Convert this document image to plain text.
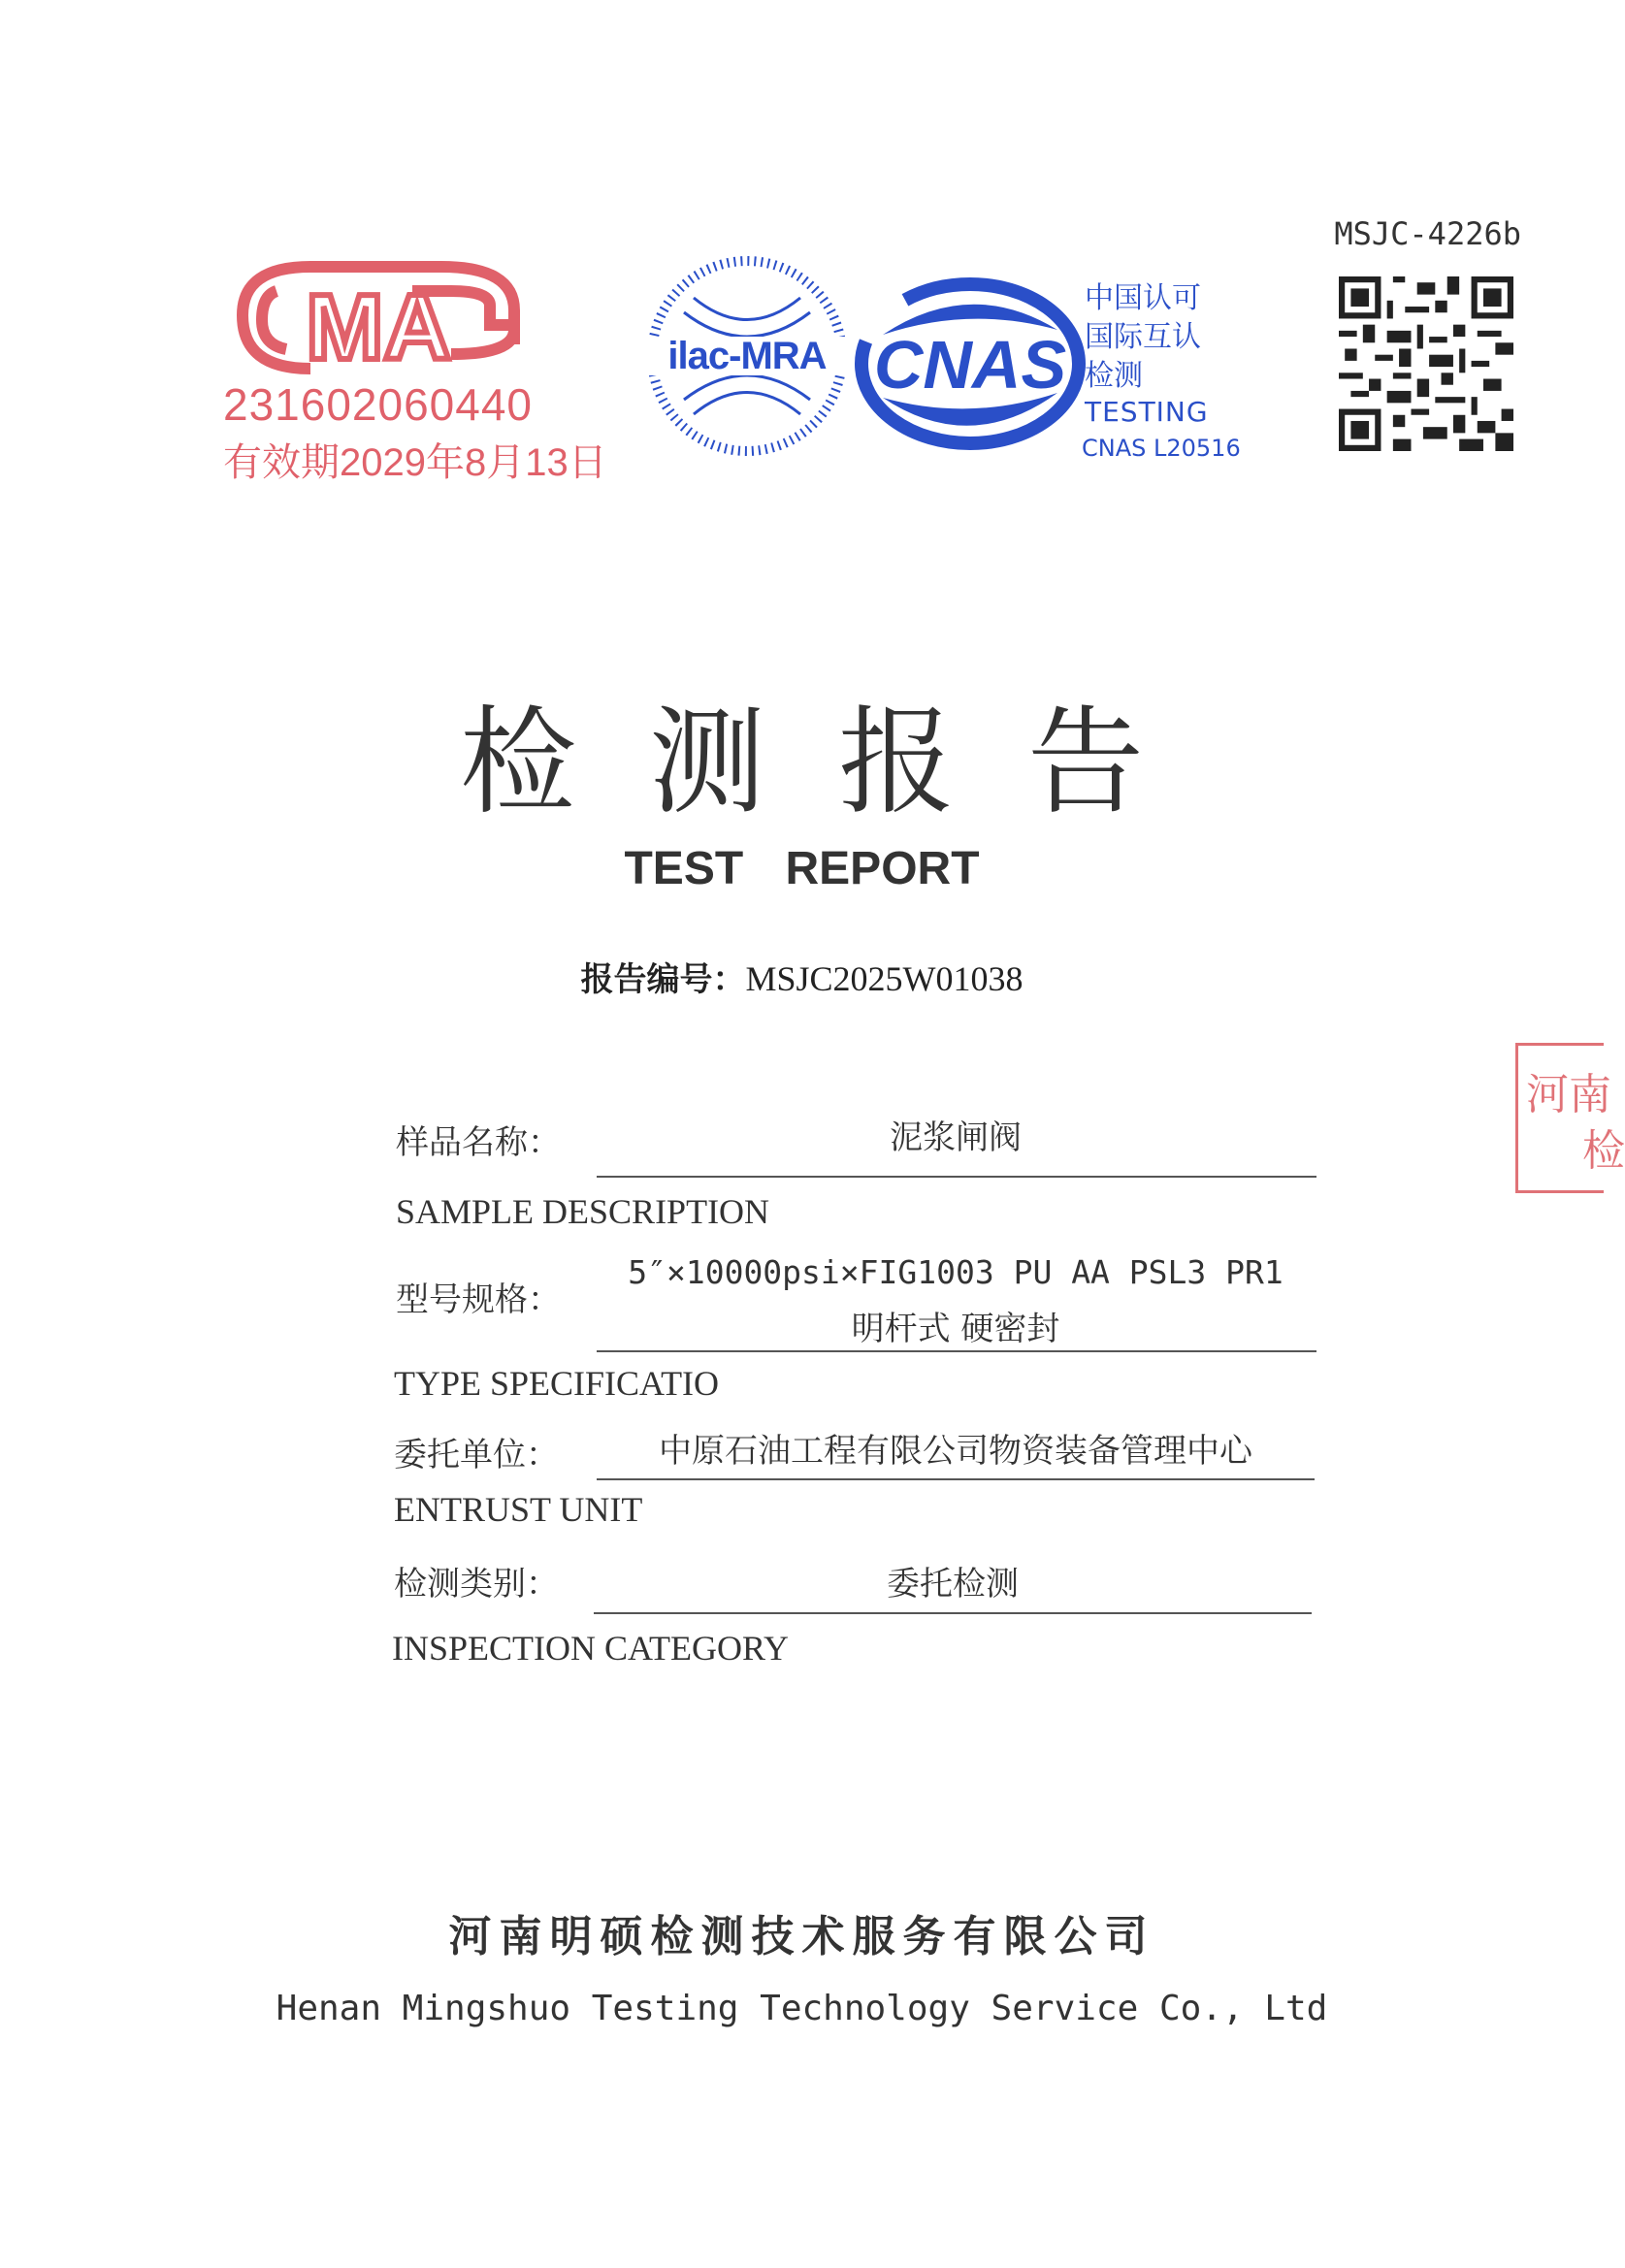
MSJC-4226b
MA
231602060440
有效期2029年8月13日
ilac-MRA CNAS
中国认可
国际互认
检测
TESTING
CNAS L20516
检测报告
TEST REPORT
报告编号：MSJC2025W01038
样品名称：	泥浆闸阀
SAMPLE DESCRIPTION
型号规格：
5″×10000psi×FIG1003 PU AA PSL3 PR1
明杆式 硬密封
TYPE SPECIFICATIO
委托单位：	中原石油工程有限公司物资装备管理中心
ENTRUST UNIT
检测类别：	委托检测
INSPECTION CATEGORY
河南明硕检测技术服务有限公司
Henan Mingshuo Testing Technology Service Co., Ltd
河南
检
